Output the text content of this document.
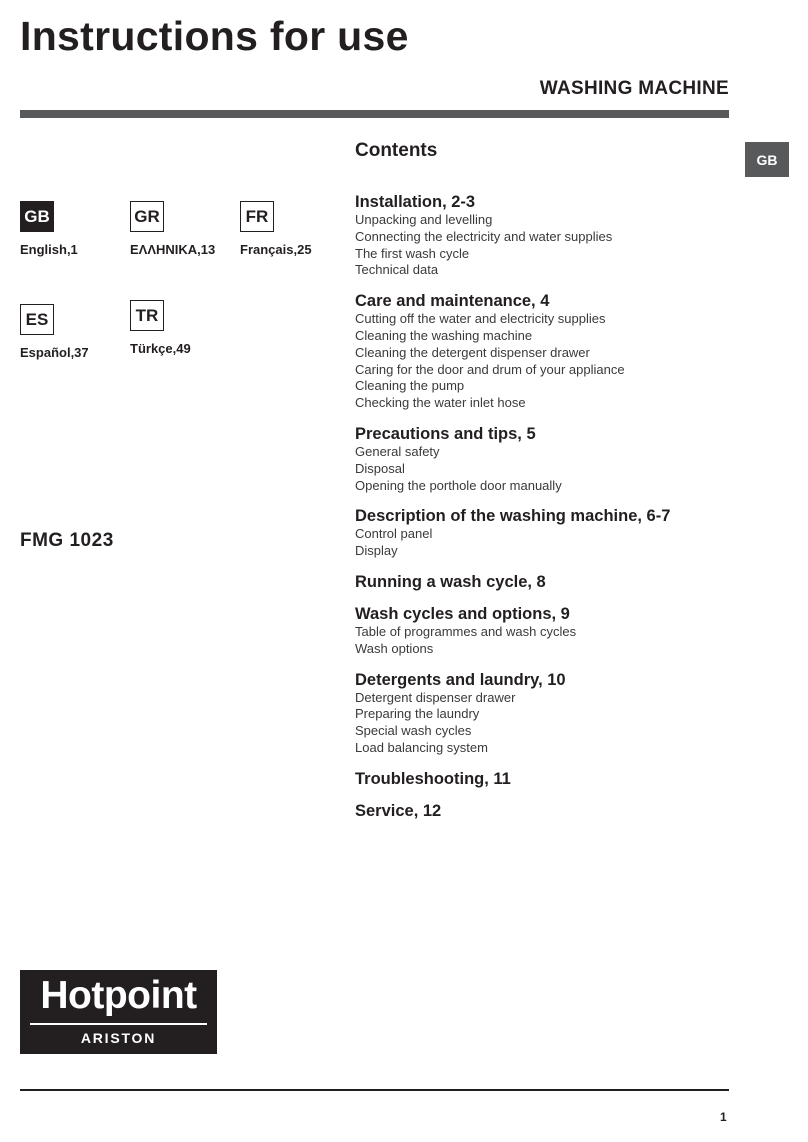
Instructions for use
WASHING MACHINE
GB
GB
English,1
GR
ΕΛΛΗΝΙΚΑ,13
FR
Français,25
ES
Español,37
TR
Türkçe,49
FMG 1023
Contents
Installation, 2-3
Unpacking and levelling
Connecting the electricity and water supplies
The first wash cycle
Technical data
Care and maintenance, 4
Cutting off the water and electricity supplies
Cleaning the washing machine
Cleaning the detergent dispenser drawer
Caring for the door and drum of your appliance
Cleaning the pump
Checking the water inlet hose
Precautions and tips, 5
General safety
Disposal
Opening the porthole door manually
Description of the washing machine, 6-7
Control panel
Display
Running a wash cycle, 8
Wash cycles and options, 9
Table of programmes and wash cycles
Wash options
Detergents and laundry, 10
Detergent dispenser drawer
Preparing the laundry
Special wash cycles
Load balancing system
Troubleshooting, 11
Service, 12
Hotpoint
ARISTON
1
